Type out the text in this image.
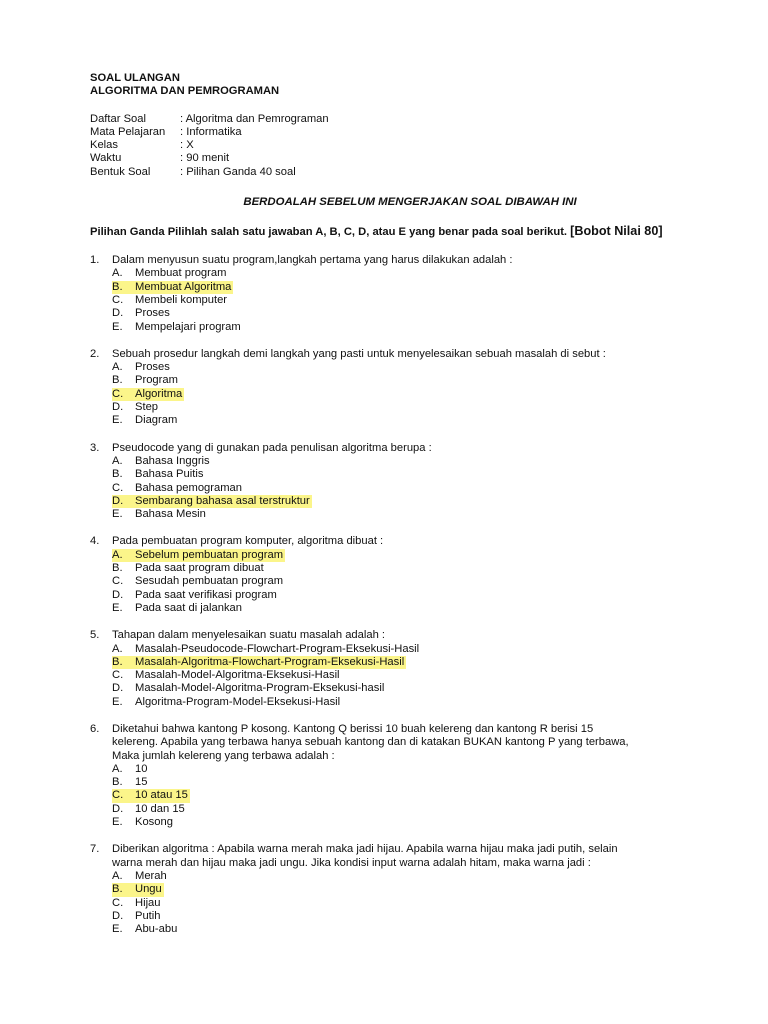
SOAL ULANGAN
ALGORITMA DAN PEMROGRAMAN
Daftar Soal	: Algoritma dan Pemrograman
Mata Pelajaran	: Informatika
Kelas	: X
Waktu	: 90 menit
Bentuk Soal	: Pilihan Ganda 40 soal
BERDOALAH SEBELUM MENGERJAKAN SOAL DIBAWAH INI
Pilihan Ganda Pilihlah salah satu jawaban A, B, C, D, atau E yang benar pada soal berikut. [Bobot Nilai 80]
1.	Dalam menyusun suatu program,langkah pertama yang harus dilakukan adalah :
A.	Membuat program
B.	Membuat Algoritma
C.	Membeli komputer
D.	Proses
E.	Mempelajari program
2.	Sebuah prosedur langkah demi langkah yang pasti untuk menyelesaikan sebuah masalah di sebut :
A.	Proses
B.	Program
C.	Algoritma
D.	Step
E.	Diagram
3.	Pseudocode yang di gunakan pada penulisan algoritma berupa :
A.	Bahasa Inggris
B.	Bahasa Puitis
C.	Bahasa pemograman
D.	Sembarang bahasa asal terstruktur
E.	Bahasa Mesin
4.	Pada pembuatan program komputer, algoritma dibuat :
A.	Sebelum pembuatan program
B.	Pada saat program dibuat
C.	Sesudah pembuatan program
D.	Pada saat verifikasi program
E.	Pada saat di jalankan
5.	Tahapan dalam menyelesaikan suatu masalah adalah :
A.	Masalah-Pseudocode-Flowchart-Program-Eksekusi-Hasil
B.	Masalah-Algoritma-Flowchart-Program-Eksekusi-Hasil
C.	Masalah-Model-Algoritma-Eksekusi-Hasil
D.	Masalah-Model-Algoritma-Program-Eksekusi-hasil
E.	Algoritma-Program-Model-Eksekusi-Hasil
6.	Diketahui bahwa kantong P kosong. Kantong Q berissi 10 buah kelereng dan kantong R berisi 15
kelereng. Apabila yang terbawa hanya sebuah kantong dan di katakan BUKAN kantong P yang terbawa,
Maka jumlah kelereng yang terbawa adalah :
A.	10
B.	15
C.	10 atau 15
D.	10 dan 15
E.	Kosong
7.	Diberikan algoritma : Apabila warna merah maka jadi hijau. Apabila warna hijau maka jadi putih, selain
warna merah dan hijau maka jadi ungu. Jika kondisi input warna adalah hitam, maka warna jadi :
A.	Merah
B.	Ungu
C.	Hijau
D.	Putih
E.	Abu-abu
